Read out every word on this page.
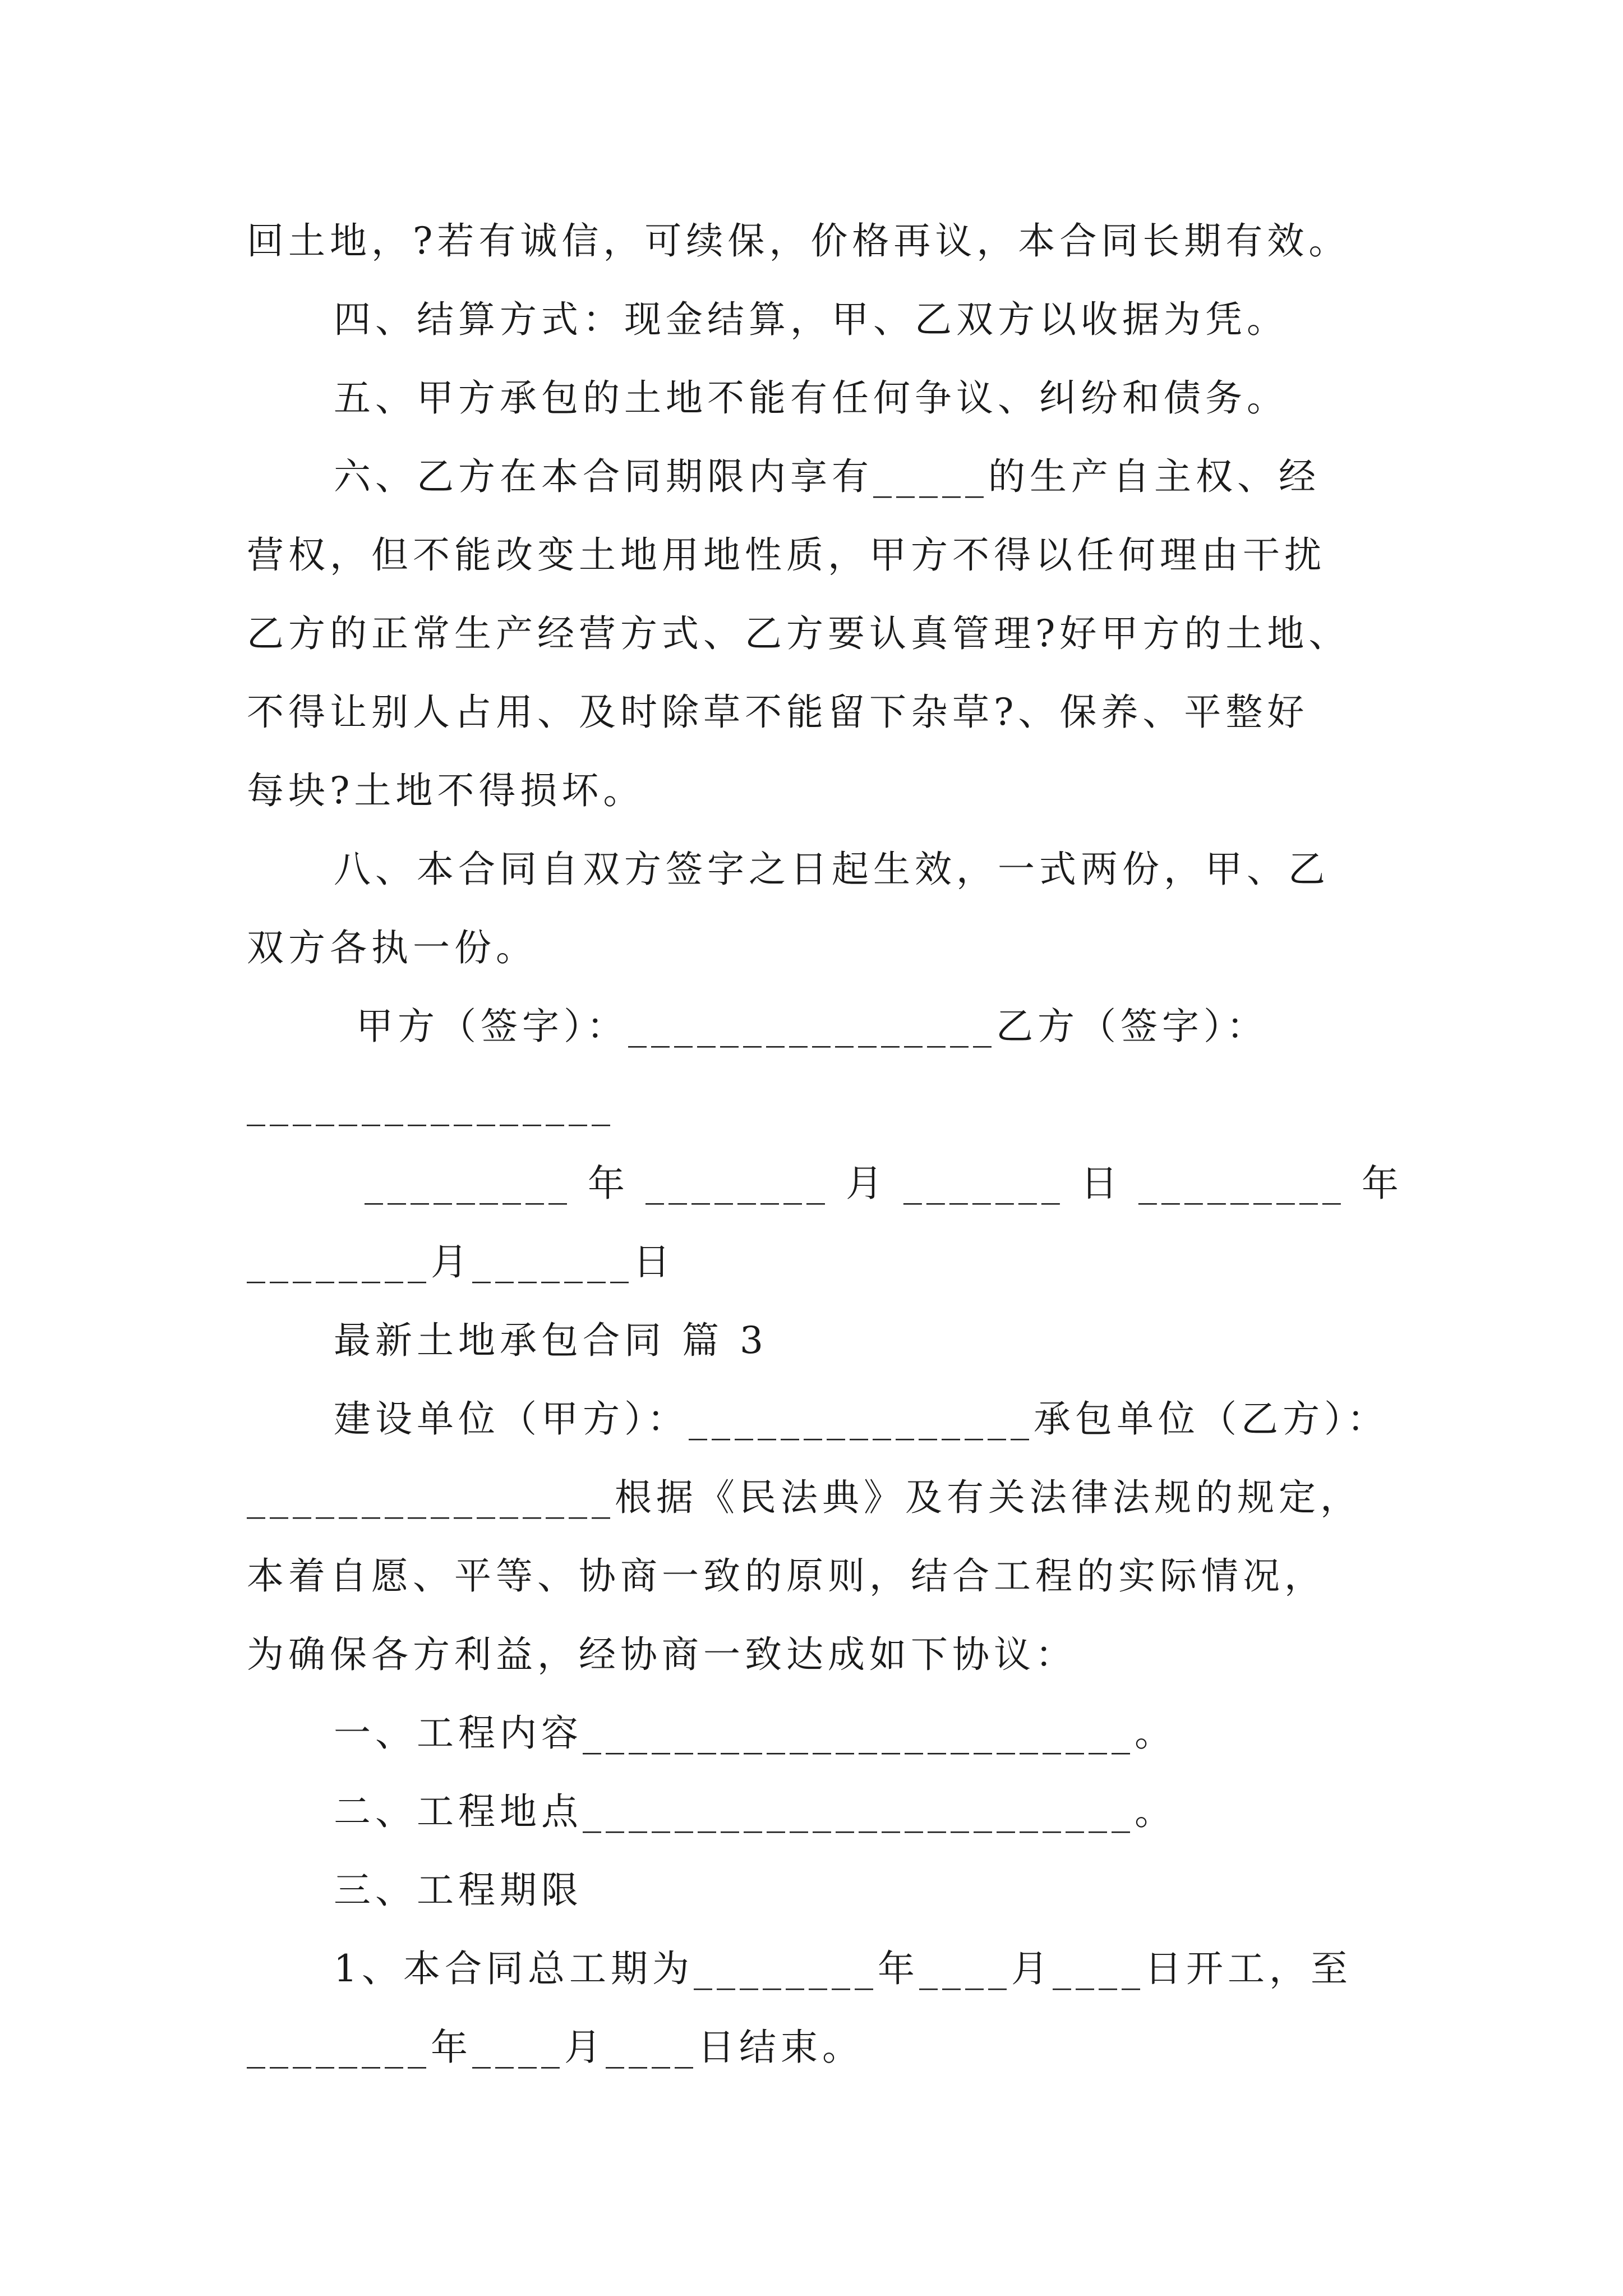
回土地，?若有诚信，可续保，价格再议，本合同长期有效。
四、结算方式：现金结算，甲、乙双方以收据为凭。
五、甲方承包的土地不能有任何争议、纠纷和债务。
六、乙方在本合同期限内享有_____的生产自主权、经
营权，但不能改变土地用地性质，甲方不得以任何理由干扰
乙方的正常生产经营方式、乙方要认真管理?好甲方的土地、
不得让别人占用、及时除草不能留下杂草?、保养、平整好
每块?土地不得损坏。
八、本合同自双方签字之日起生效，一式两份，甲、乙
双方各执一份。
甲方（签字）：________________乙方（签字）：
________________
_________ 年 ________ 月 _______ 日 _________ 年
________月_______日
最新土地承包合同 篇 3
建设单位（甲方）：_______________承包单位（乙方）：
________________根据《民法典》及有关法律法规的规定，
本着自愿、平等、协商一致的原则，结合工程的实际情况，
为确保各方利益，经协商一致达成如下协议：
一、工程内容________________________。
二、工程地点________________________。
三、工程期限
1、本合同总工期为________年____月____日开工，至
________年____月____日结束。
